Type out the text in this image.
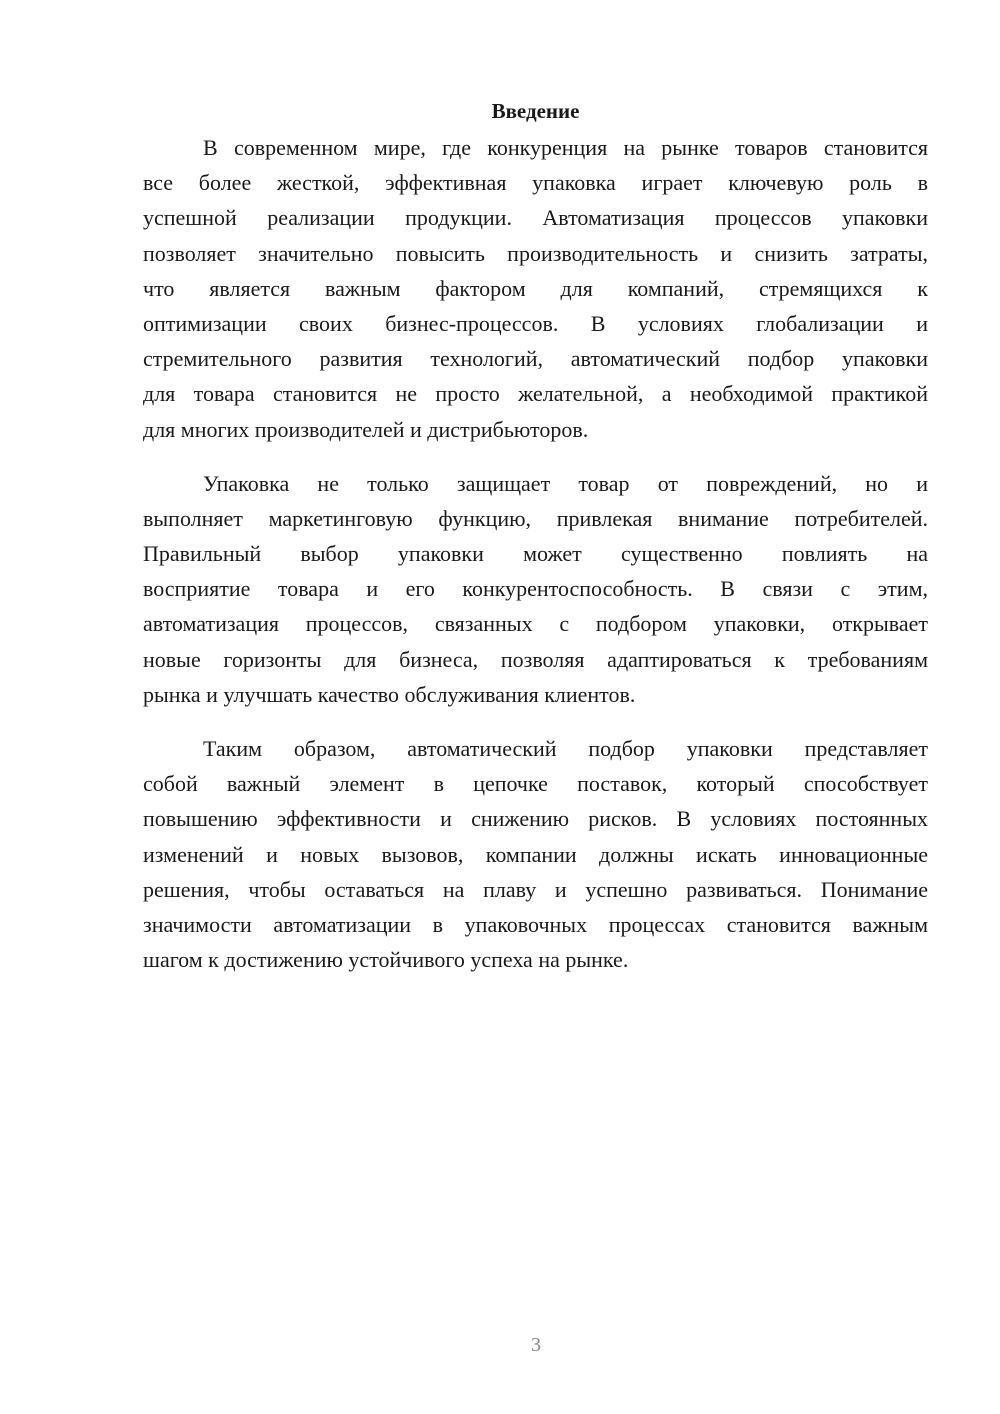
Введение
В современном мире, где конкуренция на рынке товаров становится
все более жесткой, эффективная упаковка играет ключевую роль в
успешной реализации продукции. Автоматизация процессов упаковки
позволяет значительно повысить производительность и снизить затраты,
что является важным фактором для компаний, стремящихся к
оптимизации своих бизнес-процессов. В условиях глобализации и
стремительного развития технологий, автоматический подбор упаковки
для товара становится не просто желательной, а необходимой практикой
для многих производителей и дистрибьюторов.
Упаковка не только защищает товар от повреждений, но и
выполняет маркетинговую функцию, привлекая внимание потребителей.
Правильный выбор упаковки может существенно повлиять на
восприятие товара и его конкурентоспособность. В связи с этим,
автоматизация процессов, связанных с подбором упаковки, открывает
новые горизонты для бизнеса, позволяя адаптироваться к требованиям
рынка и улучшать качество обслуживания клиентов.
Таким образом, автоматический подбор упаковки представляет
собой важный элемент в цепочке поставок, который способствует
повышению эффективности и снижению рисков. В условиях постоянных
изменений и новых вызовов, компании должны искать инновационные
решения, чтобы оставаться на плаву и успешно развиваться. Понимание
значимости автоматизации в упаковочных процессах становится важным
шагом к достижению устойчивого успеха на рынке.
3
